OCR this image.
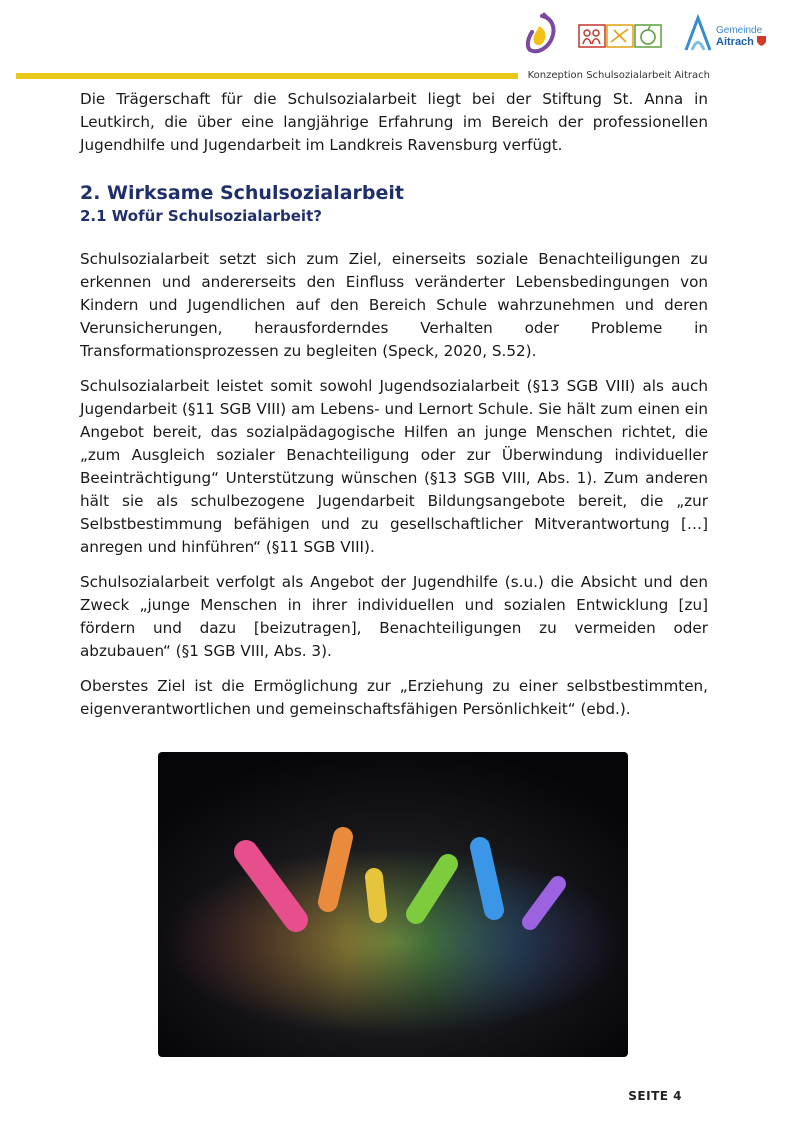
Gemeinde
Aitrach
Konzeption Schulsozialarbeit Aitrach

Die Trägerschaft für die Schulsozialarbeit liegt bei der Stiftung St. Anna in Leutkirch, die über eine langjährige Erfahrung im Bereich der professionellen Jugendhilfe und Jugendarbeit im Landkreis Ravensburg verfügt.

2. Wirksame Schulsozialarbeit
2.1 Wofür Schulsozialarbeit?

Schulsozialarbeit setzt sich zum Ziel, einerseits soziale Benachteiligungen zu erkennen und andererseits den Einfluss veränderter Lebensbedingungen von Kindern und Jugendlichen auf den Bereich Schule wahrzunehmen und deren Verunsicherungen, herausforderndes Verhalten oder Probleme in Transformationsprozessen zu begleiten (Speck, 2020, S.52).

Schulsozialarbeit leistet somit sowohl Jugendsozialarbeit (§13 SGB VIII) als auch Jugendarbeit (§11 SGB VIII) am Lebens- und Lernort Schule. Sie hält zum einen ein Angebot bereit, das sozialpädagogische Hilfen an junge Menschen richtet, die „zum Ausgleich sozialer Benachteiligung oder zur Überwindung individueller Beeinträchtigung“ Unterstützung wünschen (§13 SGB VIII, Abs. 1). Zum anderen hält sie als schulbezogene Jugendarbeit Bildungsangebote bereit, die „zur Selbstbestimmung befähigen und zu gesellschaftlicher Mitverantwortung […] anregen und hinführen“ (§11 SGB VIII).

Schulsozialarbeit verfolgt als Angebot der Jugendhilfe (s.u.) die Absicht und den Zweck „junge Menschen in ihrer individuellen und sozialen Entwicklung [zu] fördern und dazu [beizutragen], Benachteiligungen zu vermeiden oder abzubauen“ (§1 SGB VIII, Abs. 3).

Oberstes Ziel ist die Ermöglichung zur „Erziehung zu einer selbstbestimmten, eigenverantwortlichen und gemeinschaftsfähigen Persönlichkeit“ (ebd.).

SEITE 4
